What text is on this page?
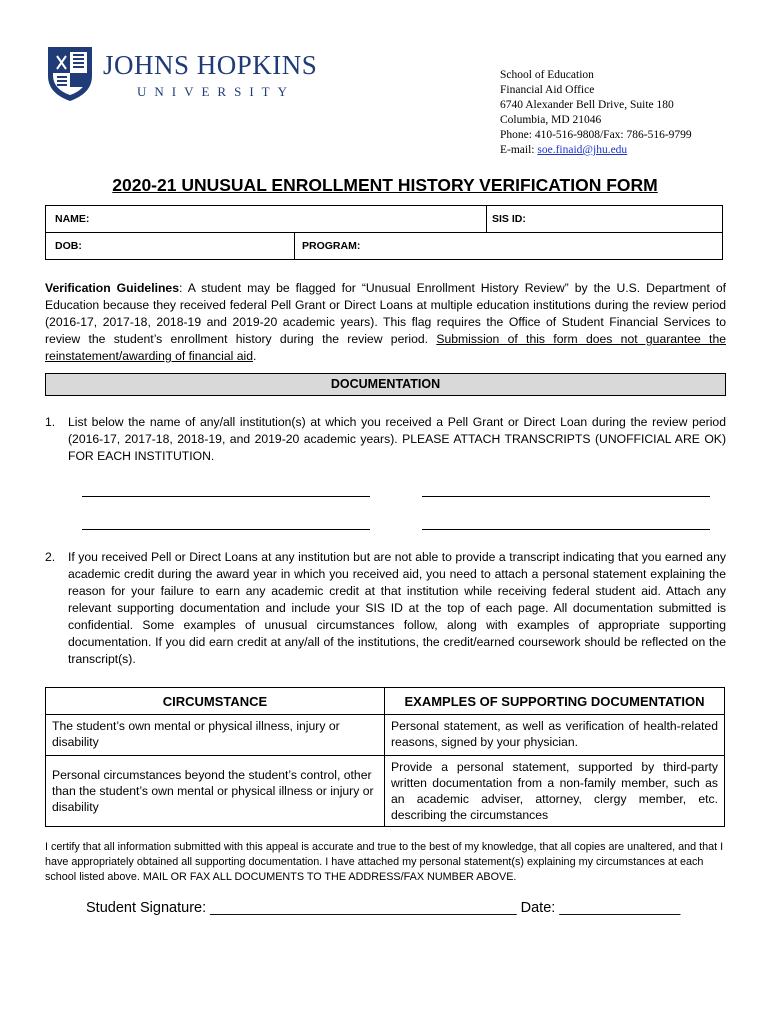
JOHNS HOPKINS
UNIVERSITY
School of Education
Financial Aid Office
6740 Alexander Bell Drive, Suite 180
Columbia, MD 21046
Phone: 410-516-9808/Fax: 786-516-9799
E-mail: soe.finaid@jhu.edu
2020-21 UNUSUAL ENROLLMENT HISTORY VERIFICATION FORM
NAME:	SIS ID:
DOB:	PROGRAM:
Verification Guidelines: A student may be flagged for “Unusual Enrollment History Review” by the U.S. Department of Education because they received federal Pell Grant or Direct Loans at multiple education institutions during the review period (2016-17, 2017-18, 2018-19 and 2019-20 academic years). This flag requires the Office of Student Financial Services to review the student’s enrollment history during the review period. Submission of this form does not guarantee the reinstatement/awarding of financial aid.
DOCUMENTATION
1. List below the name of any/all institution(s) at which you received a Pell Grant or Direct Loan during the review period (2016-17, 2017-18, 2018-19, and 2019-20 academic years). PLEASE ATTACH TRANSCRIPTS (UNOFFICIAL ARE OK) FOR EACH INSTITUTION.
2. If you received Pell or Direct Loans at any institution but are not able to provide a transcript indicating that you earned any academic credit during the award year in which you received aid, you need to attach a personal statement explaining the reason for your failure to earn any academic credit at that institution while receiving federal student aid. Attach any relevant supporting documentation and include your SIS ID at the top of each page. All documentation submitted is confidential. Some examples of unusual circumstances follow, along with examples of appropriate supporting documentation. If you did earn credit at any/all of the institutions, the credit/earned coursework should be reflected on the transcript(s).
CIRCUMSTANCE	EXAMPLES OF SUPPORTING DOCUMENTATION
The student’s own mental or physical illness, injury or disability	Personal statement, as well as verification of health-related reasons, signed by your physician.
Personal circumstances beyond the student’s control, other than the student’s own mental or physical illness or injury or disability	Provide a personal statement, supported by third-party written documentation from a non-family member, such as an academic adviser, attorney, clergy member, etc. describing the circumstances
I certify that all information submitted with this appeal is accurate and true to the best of my knowledge, that all copies are unaltered, and that I have appropriately obtained all supporting documentation. I have attached my personal statement(s) explaining my circumstances at each school listed above. MAIL OR FAX ALL DOCUMENTS TO THE ADDRESS/FAX NUMBER ABOVE.
Student Signature: ______________________________________ Date: _______________
